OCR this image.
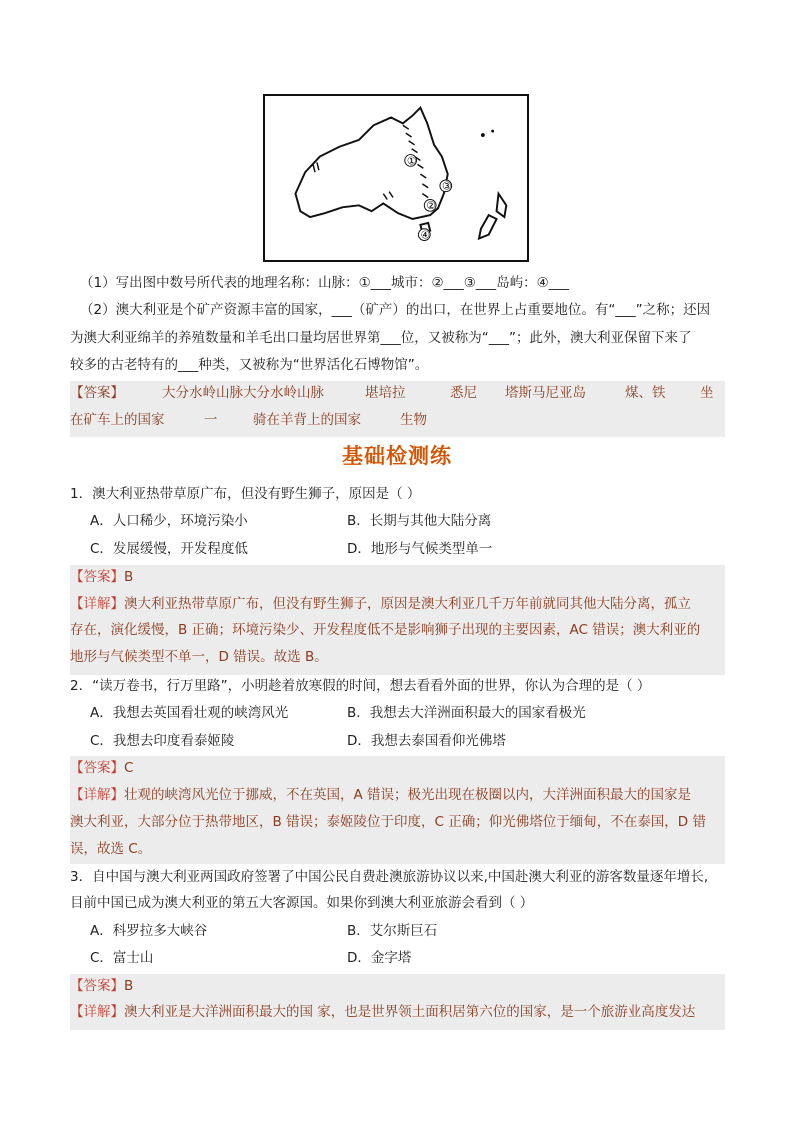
①
②
③
④
（1）写出图中数号所代表的地理名称：山脉：①___城市：②___③___岛屿：④___
（2）澳大利亚是个矿产资源丰富的国家，___（矿产）的出口，在世界上占重要地位。有“___”之称；还因
为澳大利亚绵羊的养殖数量和羊毛出口量均居世界第___位，又被称为“___”；此外，澳大利亚保留下来了
较多的古老特有的___种类，又被称为“世界活化石博物馆”。
【答案】	大分水岭山脉大分水岭山脉	堪培拉	悉尼 塔斯马尼亚岛	煤、铁	坐
在矿车上的国家	一	骑在羊背上的国家	生物
基础检测练
1．澳大利亚热带草原广布，但没有野生狮子，原因是（ ）
A．人口稀少，环境污染小	B．长期与其他大陆分离
C．发展缓慢，开发程度低	D．地形与气候类型单一
【答案】B
【详解】澳大利亚热带草原广布，但没有野生狮子，原因是澳大利亚几千万年前就同其他大陆分离，孤立
存在，演化缓慢，B 正确；环境污染少、开发程度低不是影响狮子出现的主要因素，AC 错误；澳大利亚的
地形与气候类型不单一，D 错误。故选 B。
2．“读万卷书，行万里路”，小明趁着放寒假的时间，想去看看外面的世界，你认为合理的是（ ）
A．我想去英国看壮观的峡湾风光	B．我想去大洋洲面积最大的国家看极光
C．我想去印度看泰姬陵	D．我想去泰国看仰光佛塔
【答案】C
【详解】壮观的峡湾风光位于挪威，不在英国，A 错误；极光出现在极圈以内，大洋洲面积最大的国家是
澳大利亚，大部分位于热带地区，B 错误；泰姬陵位于印度，C 正确；仰光佛塔位于缅甸，不在泰国，D 错
误，故选 C。
3．自中国与澳大利亚两国政府签署了中国公民自费赴澳旅游协议以来,中国赴澳大利亚的游客数量逐年增长,
目前中国已成为澳大利亚的第五大客源国。如果你到澳大利亚旅游会看到（ ）
A．科罗拉多大峡谷	B．艾尔斯巨石
C．富士山	D．金字塔
【答案】B
【详解】澳大利亚是大洋洲面积最大的国 家，也是世界领土面积居第六位的国家，是一个旅游业高度发达
